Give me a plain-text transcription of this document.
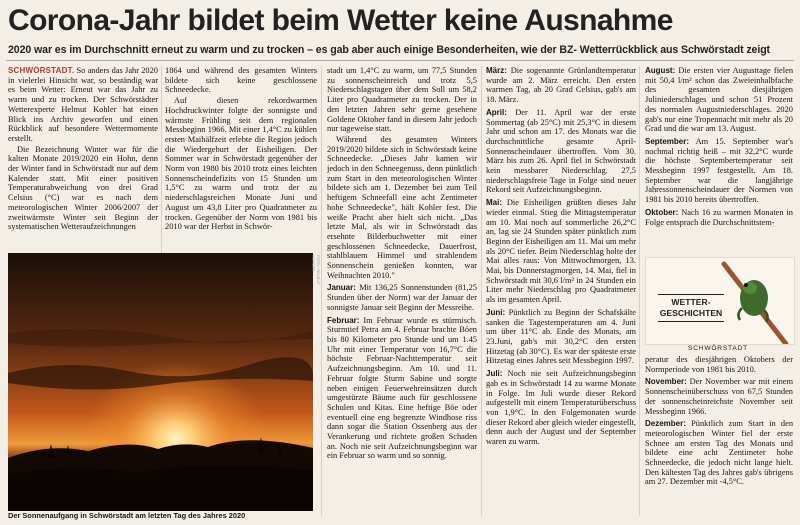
Corona-Jahr bildet beim Wetter keine Ausnahme
2020 war es im Durchschnitt erneut zu warm und zu trocken – es gab aber auch einige Besonderheiten, wie der BZ- Wetterrückblick aus Schwörstadt zeigt

SCHWÖRSTADT. So anders das Jahr 2020 in vielerlei Hinsicht war, so beständig war es beim Wetter: Erneut war das Jahr zu warm und zu trocken. Der Schwörstädter Wetterexperte Helmut Kohler hat einen Blick ins Archiv geworfen und einen Rückblick auf besondere Wettermomente erstellt.

Die Bezeichnung Winter war für die kalten Monate 2019/2020 ein Hohn, denn der Winter fand in Schwörstadt nur auf dem Kalender statt. Mit einer positiven Temperaturabweichung von drei Grad Celsius (°C) war es nach dem meteorologischen Winter 2006/2007 der zweitwärmste Winter seit Beginn der systematischen Wetteraufzeichnungen

1864 und während des gesamten Winters bildete sich keine geschlossene Schneedecke.

Auf diesen rekordwarmen Hochdruckwinter folgte der sonnigste und wärmste Frühling seit dem regionalen Messbeginn 1966. Mit einer 1,4°C zu kühlen ersten Maihälfzeit erlebte die Region jedoch die Wiedergeburt der Eisheiligen. Der Sommer war in Schwörstadt gegenüber der Norm von 1980 bis 2010 trotz eines leichten Sonnenscheindefizits von 15 Stunden um 1,5°C zu warm und trotz der zu niederschlagsreichen Monate Juni und August um 43,8 Liter pro Quadratmeter zu trocken. Gegenüber der Norm von 1981 bis 2010 war der Herbst in Schwör-

FOTO: HELMUT KOHLER
Der Sonnenaufgang in Schwörstadt am letzten Tag des Jahres 2020

stadt um 1,4°C zu warm, um 77,5 Stunden zu sonnenscheinreich und trotz 5,5 Niederschlagstagen über dem Soll um 58,2 Liter pro Quadratmeter zu trocken. Der in den letzten Jahren sehr gerne gesehene Goldene Oktober fand in diesem Jahr jedoch nur tageweise statt.

Während des gesamten Winters 2019/2020 bildete sich in Schwörstadt keine Schneedecke. „Dieses Jahr kamen wir jedoch in den Schneegenuss, denn pünktlich zum Start in den meteorologischen Winter bildete sich am 1. Dezember bei zum Teil heftigem Schneefall eine acht Zentimeter hohe Schneedecke", hält Kohler fest. Die weiße Pracht aber hielt sich nicht. „Das letzte Mal, als wir in Schwörstadt das ersehnte Bilderbuchwetter mit einer geschlossenen Schneedecke, Dauerfrost, stahlblauem Himmel und strahlendem Sonnenschein genießen konnten, war Weihnachten 2010."

Januar: Mit 136,25 Sonnenstunden (81,25 Stunden über der Norm) war der Januar der sonnigste Januar seit Beginn der Messreihe.

Februar: Im Februar wurde es stürmisch. Sturmtief Petra am 4. Februar brachte Böen bis 80 Kilometer pro Stunde und um 1.45 Uhr mit einer Temperatur von 16,7°C die höchste Februar-Nachttemperatur seit Aufzeichnungsbeginn. Am 10. und 11. Februar folgte Sturm Sabine und sorgte neben einigen Feuerwehreinsätzen durch umgestürzte Bäume auch für geschlossene Schulen und Kitas. Eine heftige Böe oder eventuell eine eng begrenzte Windhose riss dann sogar die Station Ossenberg aus der Verankerung und richtete großen Schaden an. Noch nie seit Aufzeichnungsbeginn war ein Februar so warm und so sonnig.

März: Die sogenannte Grünlandtemperatur wurde am 2. März erreicht. Den ersten warmen Tag, ab 20 Grad Celsius, gab's am 18. März.

April: Der 11. April war der erste Sommertag (ab 25°C) mit 25,3°C in diesem Jahr und schon am 17. des Monats war die durchschnittliche gesamte April-Sonnenscheindauer übertroffen. Vom 30. März bis zum 26. April fiel in Schwörstadt kein messbarer Niederschlag. 27,5 niederschlagsfreie Tage in Folge sind neuer Rekord seit Aufzeichnungsbeginn.

Mai: Die Eisheiligen grüßten dieses Jahr wieder einmal. Stieg die Mittagstemperatur am 10. Mai noch auf sommerliche 26,2°C an, lag sie 24 Stunden später pünktlich zum Beginn der Eisheiligen am 11. Mai um mehr als 20°C tiefer. Beim Niederschlag holte der Mai alles raus: Von Mittwochmorgen, 13. Mai, bis Donnerstagmorgen, 14. Mai, fiel in Schwörstadt mit 30,6 l/m² in 24 Stunden ein Liter mehr Niederschlag pro Quadratmeter als im gesamten April.

Juni: Pünktlich zu Beginn der Schafskälte sanken die Tagestemperaturen am 4. Juni um über 11°C ab. Ende des Monats, am 23.Juni, gab's mit 30,2°C den ersten Hitzetag (ab 30°C). Es war der späteste erste Hitzetag eines Jahres seit Messbeginn 1997.

Juli: Noch nie seit Aufzeichnungsbeginn gab es in Schwörstadt 14 zu warme Monate in Folge. Im Juli wurde dieser Rekord aufgestellt mit einem Temperaturüberschuss von 1,9°C. In den Folgemonaten wurde dieser Rekord aber gleich wieder eingestellt, denn auch der August und der September waren zu warm.

August: Die ersten vier Augusttage fielen mit 50,4 l/m² schon das Zweieinhalbfache des gesamten diesjährigen Juliniederschlages und schon 51 Prozent des normalen Augustniederschlages. 2020 gab's nur eine Tropennacht mit mehr als 20 Grad und die war am 13. August.

September: Am 15. September war's nochmal richtig heiß – mit 32,2°C wurde die höchste Septembertemperatur seit Messbeginn 1997 festgestellt. Am 18. September war die langjährige Jahressonnenscheindauer der Normen von 1981 bis 2010 bereits übertroffen.

Oktober: Nach 16 zu warmen Monaten in Folge entsprach die Durchschnittstem-

WETTER-
GESCHICHTEN
SCHWÖRSTADT

peratur des diesjährigen Oktobers der Normperiode von 1981 bis 2010.

November: Der November war mit einem Sonnenscheinüberschuss von 67,5 Stunden der sonnenscheinreichste November seit Messbeginn 1966.

Dezember: Pünktlich zum Start in den meteorologischen Winter fiel der erste Schnee am ersten Tag des Monats und bildete eine acht Zentimeter hohe Schneedecke, die jedoch nicht lange hielt. Den kältesten Tag des Jahres gab's übrigens am 27. Dezember mit -4,5°C.
